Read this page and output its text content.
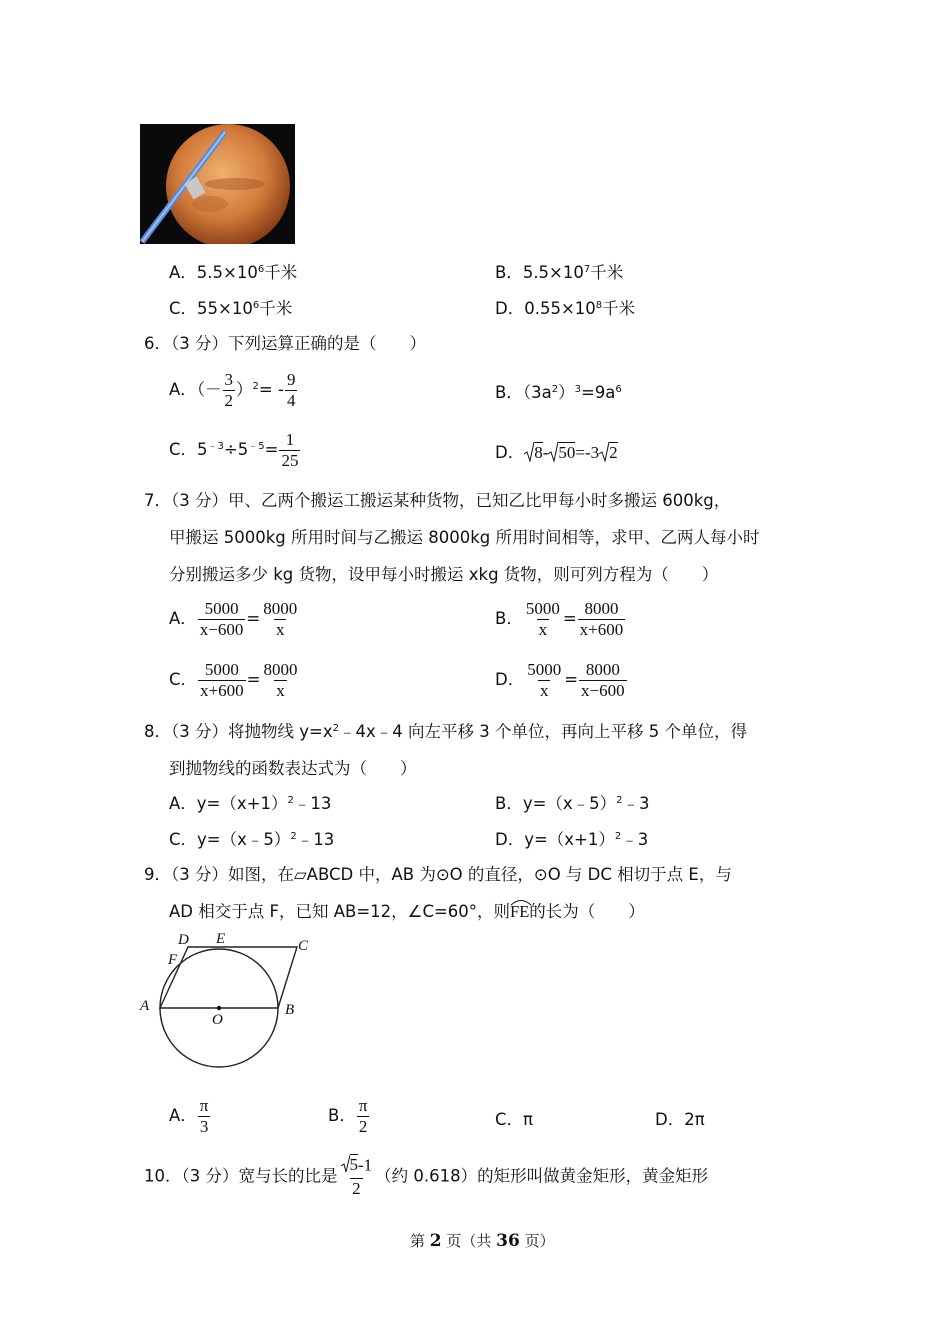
A．$5.5\times 10^6$千米	B．$5.5\times 10^7$千米
C．$55\times 10^6$千米	D．$0.55\times 10^8$千米
6．（3 分）下列运算正确的是（　　）
A．（－ $\frac{3}{2} )^2= - \frac{9}{4}$	B．$(3a^2)^3=9a^6$
C．$5^{﹣3}\div 5^{﹣5}= \frac{1}{25}$	D． 8- 50=-3 2
7．（3 分）甲、乙两个搬运工搬运某种货物，已知乙比甲每小时多搬运 600kg，
甲搬运 5000kg 所用时间与乙搬运 8000kg 所用时间相等，求甲、乙两人每小时
分别搬运多少 kg 货物，设甲每小时搬运 xkg 货物，则可列方程为（　　）
A． $\frac{5000}{x-600} = \frac{8000}{x}$	B． $\frac{5000}{x} = \frac{8000}{x+600}$
C． $\frac{5000}{x+600} = \frac{8000}{x}$	D． $\frac{5000}{x} = \frac{8000}{x-600}$
8．（3 分）将抛物线 $y=x^2﹣4x﹣4$ 向左平移 3 个单位，再向上平移 5 个单位，得
到抛物线的函数表达式为（　　）
A．$y=(x+1)^2﹣13$	B．y=（x﹣5）$^2$﹣3
C．y=（x﹣5）$^2$﹣13	D．$y=(x+1)^2﹣3$
9．（3 分）如图，在▱ABCD 中，AB 为⊙O 的直径，⊙O 与 DC 相切于点 E，与
AD 相交于点 F，已知 AB=12，∠C=60°，则
FE的长为（　　）
D E	C
F
A
O
B
A． $\frac{\pi}{3}$	B． $\frac{\pi}{2}$	C．π	D．2π
10．（3 分）宽与长的比是 $\frac{5-1}{2}$ （约 0.618）的矩形叫做黄金矩形，黄金矩形
第 2 页（共 36 页）
